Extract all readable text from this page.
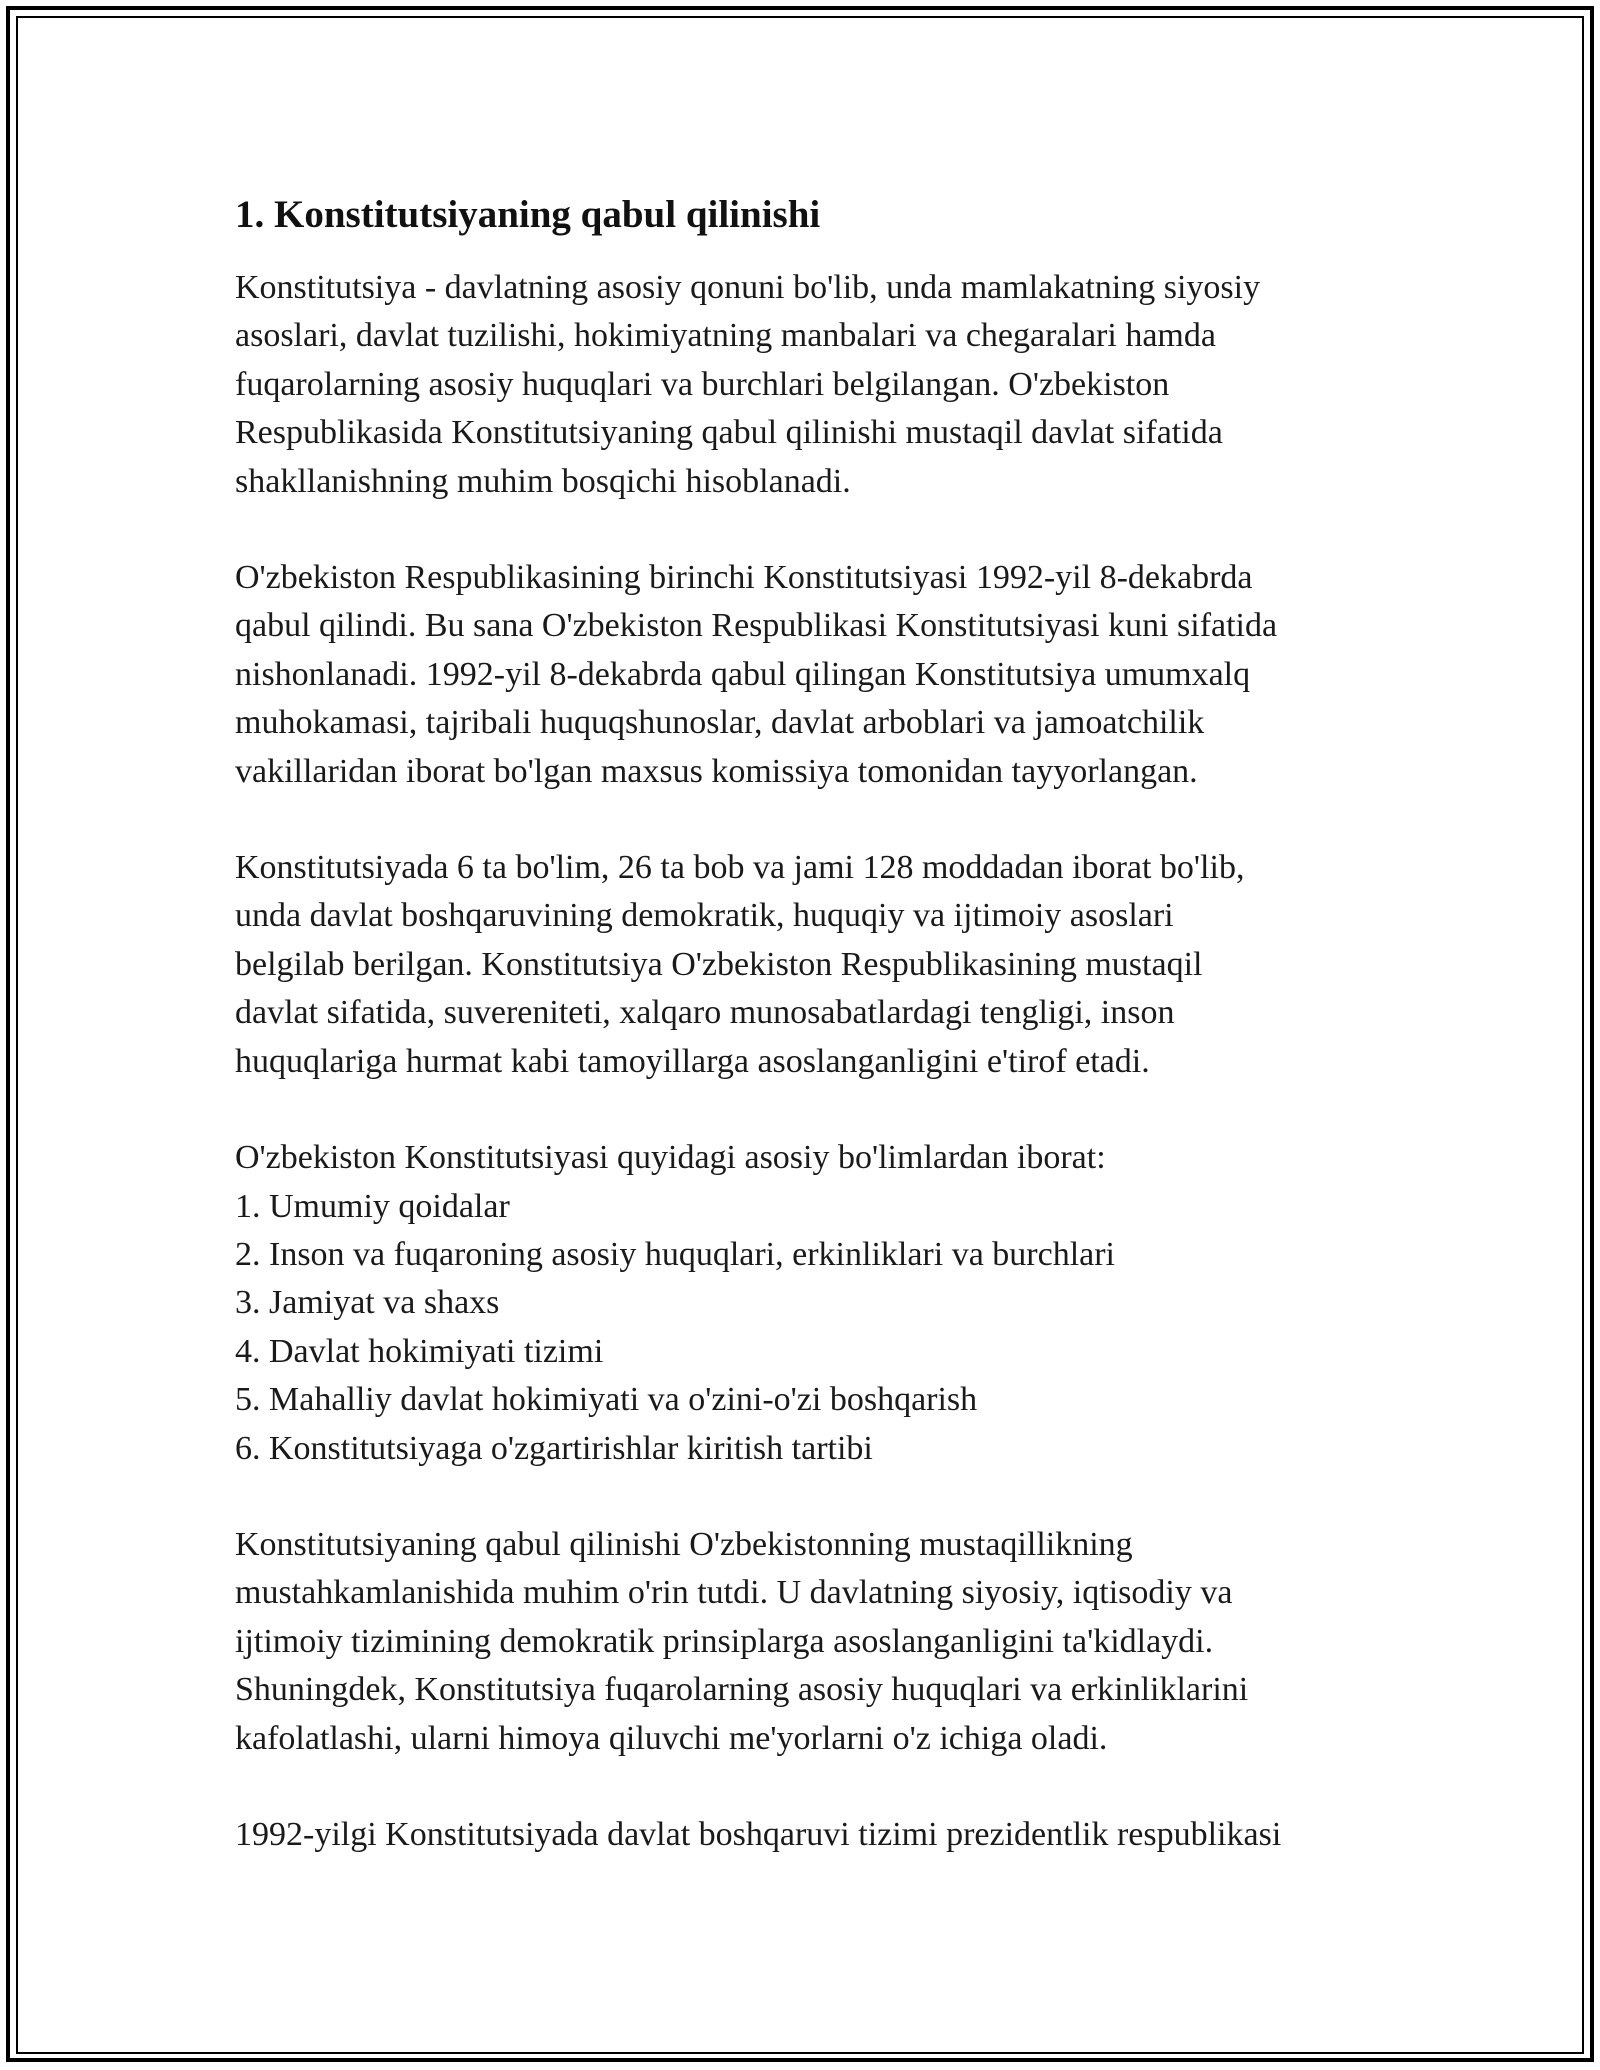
1. Konstitutsiyaning qabul qilinishi

Konstitutsiya - davlatning asosiy qonuni bo'lib, unda mamlakatning siyosiy
asoslari, davlat tuzilishi, hokimiyatning manbalari va chegaralari hamda
fuqarolarning asosiy huquqlari va burchlari belgilangan. O'zbekiston
Respublikasida Konstitutsiyaning qabul qilinishi mustaqil davlat sifatida
shakllanishning muhim bosqichi hisoblanadi.

O'zbekiston Respublikasining birinchi Konstitutsiyasi 1992-yil 8-dekabrda
qabul qilindi. Bu sana O'zbekiston Respublikasi Konstitutsiyasi kuni sifatida
nishonlanadi. 1992-yil 8-dekabrda qabul qilingan Konstitutsiya umumxalq
muhokamasi, tajribali huquqshunoslar, davlat arboblari va jamoatchilik
vakillaridan iborat bo'lgan maxsus komissiya tomonidan tayyorlangan.

Konstitutsiyada 6 ta bo'lim, 26 ta bob va jami 128 moddadan iborat bo'lib,
unda davlat boshqaruvining demokratik, huquqiy va ijtimoiy asoslari
belgilab berilgan. Konstitutsiya O'zbekiston Respublikasining mustaqil
davlat sifatida, suvereniteti, xalqaro munosabatlardagi tengligi, inson
huquqlariga hurmat kabi tamoyillarga asoslanganligini e'tirof etadi.

O'zbekiston Konstitutsiyasi quyidagi asosiy bo'limlardan iborat:
1. Umumiy qoidalar
2. Inson va fuqaroning asosiy huquqlari, erkinliklari va burchlari
3. Jamiyat va shaxs
4. Davlat hokimiyati tizimi
5. Mahalliy davlat hokimiyati va o'zini-o'zi boshqarish
6. Konstitutsiyaga o'zgartirishlar kiritish tartibi

Konstitutsiyaning qabul qilinishi O'zbekistonning mustaqillikning
mustahkamlanishida muhim o'rin tutdi. U davlatning siyosiy, iqtisodiy va
ijtimoiy tizimining demokratik prinsiplarga asoslanganligini ta'kidlaydi.
Shuningdek, Konstitutsiya fuqarolarning asosiy huquqlari va erkinliklarini
kafolatlashi, ularni himoya qiluvchi me'yorlarni o'z ichiga oladi.

1992-yilgi Konstitutsiyada davlat boshqaruvi tizimi prezidentlik respublikasi
